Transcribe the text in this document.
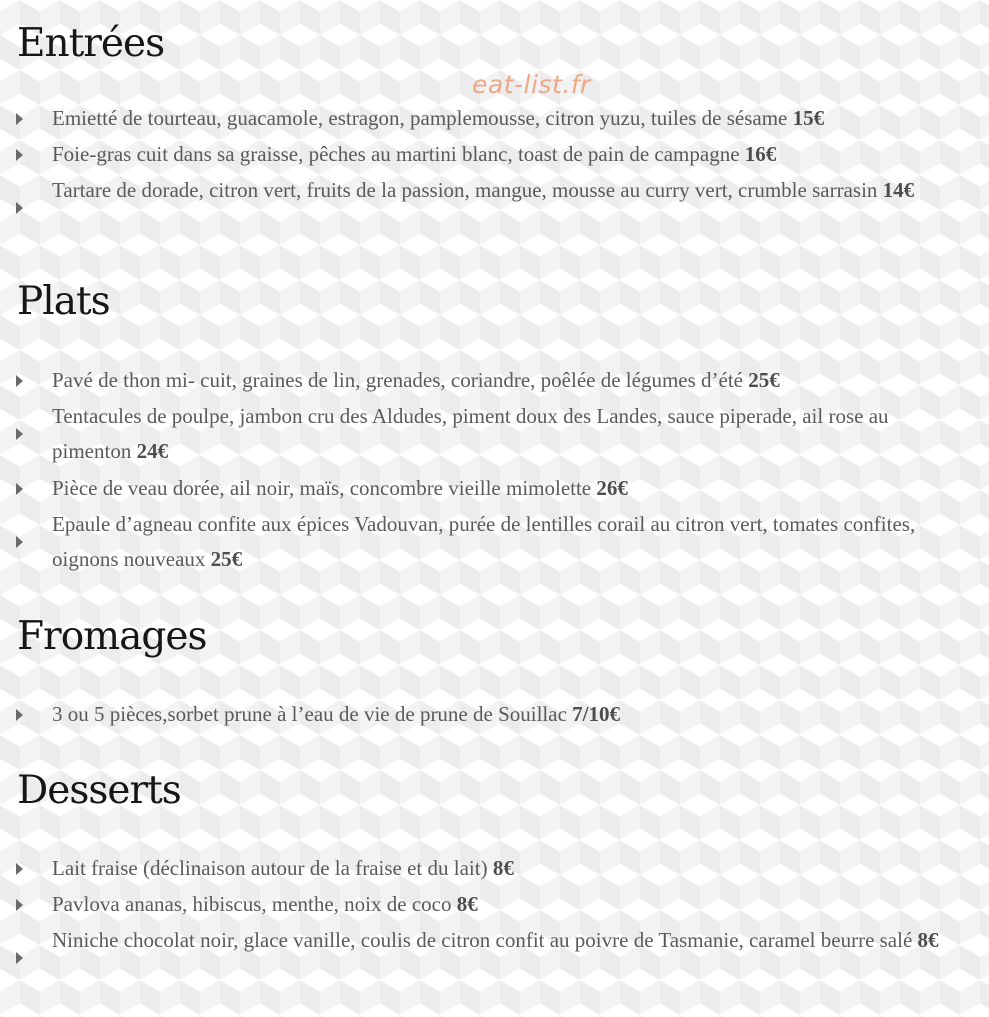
eat-list.fr
Entrées
Emietté de tourteau, guacamole, estragon, pamplemousse, citron yuzu, tuiles de sésame 15€
Foie-gras cuit dans sa graisse, pêches au martini blanc, toast de pain de campagne 16€
Tartare de dorade, citron vert, fruits de la passion, mangue, mousse au curry vert, crumble sarrasin 14€
Plats
Pavé de thon mi- cuit, graines de lin, grenades, coriandre, poêlée de légumes d’été 25€
Tentacules de poulpe, jambon cru des Aldudes, piment doux des Landes, sauce piperade, ail rose au pimenton 24€
Pièce de veau dorée, ail noir, maïs, concombre vieille mimolette 26€
Epaule d’agneau confite aux épices Vadouvan, purée de lentilles corail au citron vert, tomates confites, oignons nouveaux 25€
Fromages
3 ou 5 pièces,sorbet prune à l’eau de vie de prune de Souillac 7/10€
Desserts
Lait fraise (déclinaison autour de la fraise et du lait) 8€
Pavlova ananas, hibiscus, menthe, noix de coco 8€
Niniche chocolat noir, glace vanille, coulis de citron confit au poivre de Tasmanie, caramel beurre salé 8€
